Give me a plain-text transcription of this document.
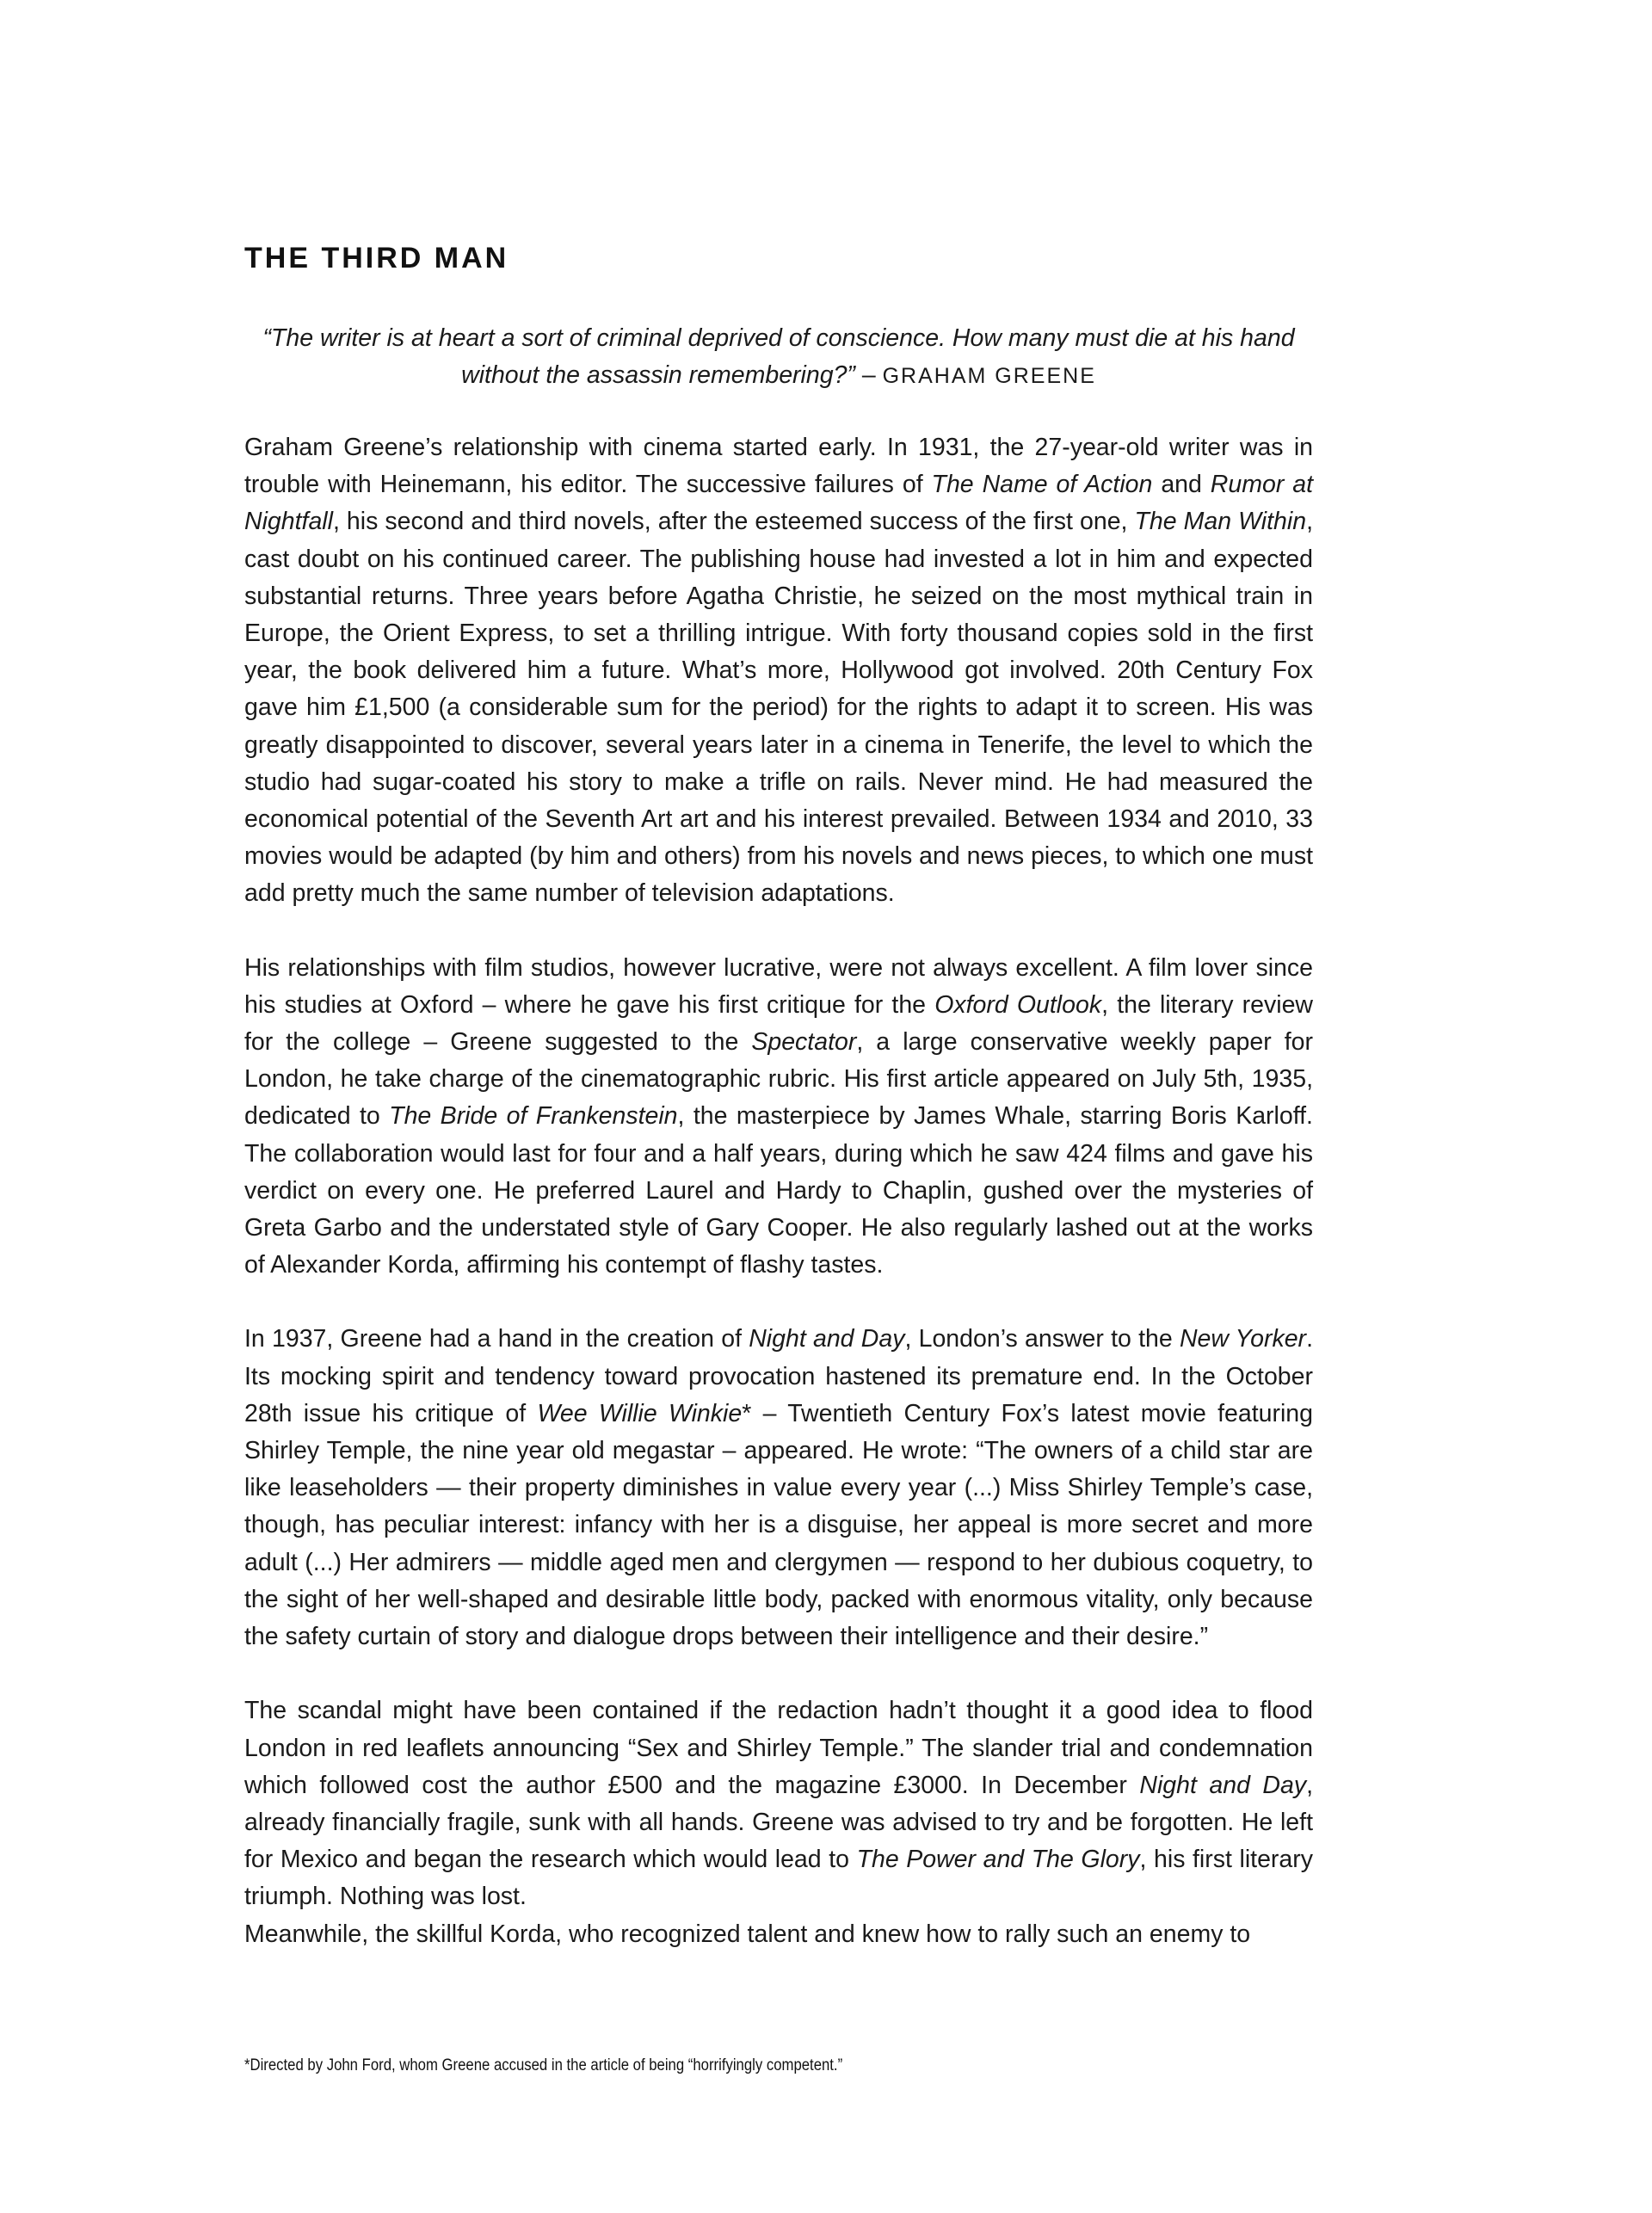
THE THIRD MAN

“The writer is at heart a sort of criminal deprived of conscience. How many must die at his hand without the assassin remembering?” – GRAHAM GREENE

Graham Greene’s relationship with cinema started early. In 1931, the 27-year-old writer was in trouble with Heinemann, his editor. The successive failures of The Name of Action and Rumor at Nightfall, his second and third novels, after the esteemed success of the first one, The Man Within, cast doubt on his continued career. The publishing house had invested a lot in him and expected substantial returns. Three years before Agatha Christie, he seized on the most mythical train in Europe, the Orient Express, to set a thrilling intrigue. With forty thousand copies sold in the first year, the book delivered him a future. What’s more, Hollywood got involved. 20th Century Fox gave him £1,500 (a considerable sum for the period) for the rights to adapt it to screen. His was greatly disappointed to discover, several years later in a cinema in Tenerife, the level to which the studio had sugar-coated his story to make a trifle on rails. Never mind. He had measured the economical potential of the Seventh Art art and his interest prevailed. Between 1934 and 2010, 33 movies would be adapted (by him and others) from his novels and news pieces, to which one must add pretty much the same number of television adaptations.

His relationships with film studios, however lucrative, were not always excellent. A film lover since his studies at Oxford – where he gave his first critique for the Oxford Outlook, the literary review for the college – Greene suggested to the Spectator, a large conservative weekly paper for London, he take charge of the cinematographic rubric. His first article appeared on July 5th, 1935, dedicated to The Bride of Frankenstein, the masterpiece by James Whale, starring Boris Karloff. The collaboration would last for four and a half years, during which he saw 424 films and gave his verdict on every one. He preferred Laurel and Hardy to Chaplin, gushed over the mysteries of Greta Garbo and the understated style of Gary Cooper. He also regularly lashed out at the works of Alexander Korda, affirming his contempt of flashy tastes.

In 1937, Greene had a hand in the creation of Night and Day, London’s answer to the New Yorker. Its mocking spirit and tendency toward provocation hastened its premature end. In the October 28th issue his critique of Wee Willie Winkie* – Twentieth Century Fox’s latest movie featuring Shirley Temple, the nine year old megastar – appeared. He wrote: “The owners of a child star are like leaseholders — their property diminishes in value every year (...) Miss Shirley Temple’s case, though, has peculiar interest: infancy with her is a disguise, her appeal is more secret and more adult (...) Her admirers — middle aged men and clergymen — respond to her dubious coquetry, to the sight of her well-shaped and desirable little body, packed with enormous vitality, only because the safety curtain of story and dialogue drops between their intelligence and their desire.”

The scandal might have been contained if the redaction hadn’t thought it a good idea to flood London in red leaflets announcing “Sex and Shirley Temple.” The slander trial and condemnation which followed cost the author £500 and the magazine £3000. In December Night and Day, already financially fragile, sunk with all hands. Greene was advised to try and be forgotten. He left for Mexico and began the research which would lead to The Power and The Glory, his first literary triumph. Nothing was lost.

Meanwhile, the skillful Korda, who recognized talent and knew how to rally such an enemy to

*Directed by John Ford, whom Greene accused in the article of being “horrifyingly competent.”
